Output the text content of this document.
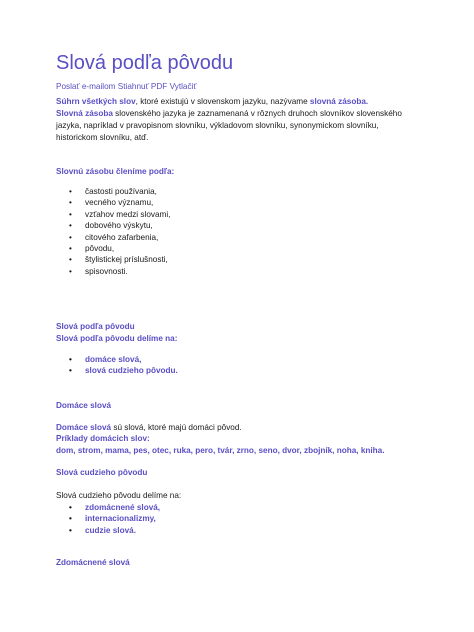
Slová podľa pôvodu
Poslať e-mailom Stiahnuť PDF Vytlačiť
Súhrn všetkých slov, ktoré existujú v slovenskom jazyku, nazývame slovná zásoba.
Slovná zásoba slovenského jazyka je zaznamenaná v rôznych druhoch slovníkov slovenského
jazyka, napríklad v pravopisnom slovníku, výkladovom slovníku, synonymickom slovníku,
historickom slovníku, atď.
Slovnú zásobu členíme podľa:
• častosti používania,
• vecného významu,
• vzťahov medzi slovami,
• dobového výskytu,
• citového zafarbenia,
• pôvodu,
• štylistickej príslušnosti,
• spisovnosti.
Slová podľa pôvodu
Slová podľa pôvodu delíme na:
• domáce slová,
• slová cudzieho pôvodu.
Domáce slová
Domáce slová sú slová, ktoré majú domáci pôvod.
Príklady domácich slov:
dom, strom, mama, pes, otec, ruka, pero, tvár, zrno, seno, dvor, zbojník, noha, kniha.
Slová cudzieho pôvodu
Slová cudzieho pôvodu delíme na:
• zdomácnené slová,
• internacionalizmy,
• cudzie slová.
Zdomácnené slová
